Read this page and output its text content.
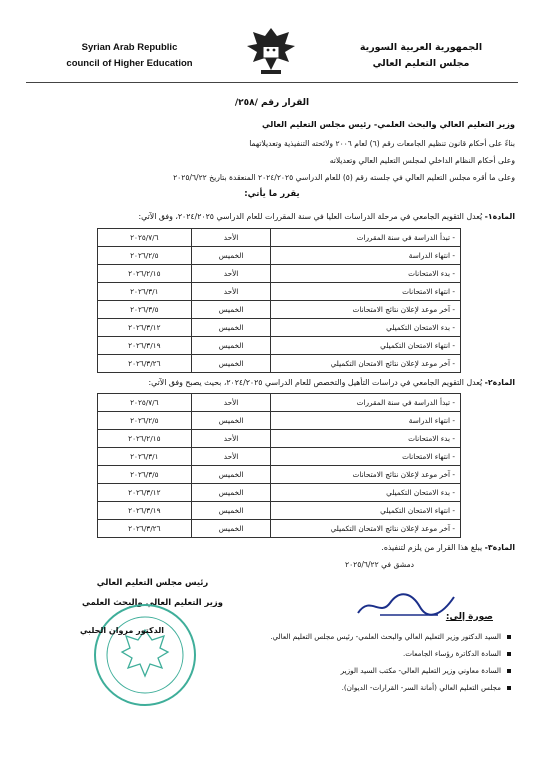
Syrian Arab Republic
council of Higher Education
الجمهورية العربية السورية
مجلس التعليم العالي
القرار رقم /٢٥٨/
وزير التعليم العالي والبحث العلمي- رئيس مجلس التعليم العالي
بناءً على أحكام قانون تنظيم الجامعات رقم (٦) لعام ٢٠٠٦ ولائحته التنفيذية وتعديلاتهما
وعلى أحكام النظام الداخلي لمجلس التعليم العالي وتعديلاته
وعلى ما أقره مجلس التعليم العالي في جلسته رقم (٥) للعام الدراسي ٢٠٢٤/٢٠٢٥ المنعقدة بتاريخ ٢٠٢٥/٦/٢٢
يقرر ما يأتي:
المادة١- يُعدل التقويم الجامعي في مرحلة الدراسات العليا في سنة المقررات للعام الدراسي ٢٠٢٤/٢٠٢٥، وفق الآتي:
- تبدأ الدراسة في سنة المقررات	الأحد	٢٠٢٥/٧/٦
- انتهاء الدراسة	الخميس	٢٠٢٦/٢/٥
- بدء الامتحانات	الأحد	٢٠٢٦/٢/١٥
- انتهاء الامتحانات	الأحد	٢٠٢٦/٣/١
- آخر موعد لإعلان نتائج الامتحانات	الخميس	٢٠٢٦/٣/٥
- بدء الامتحان التكميلي	الخميس	٢٠٢٦/٣/١٢
- انتهاء الامتحان التكميلي	الخميس	٢٠٢٦/٣/١٩
- آخر موعد لإعلان نتائج الامتحان التكميلي	الخميس	٢٠٢٦/٣/٢٦
المادة٢- يُعدل التقويم الجامعي في دراسات التأهيل والتخصص للعام الدراسي ٢٠٢٤/٢٠٢٥، بحيث يصبح وفق الآتي:
- تبدأ الدراسة في سنة المقررات	الأحد	٢٠٢٥/٧/٦
- انتهاء الدراسة	الخميس	٢٠٢٦/٢/٥
- بدء الامتحانات	الأحد	٢٠٢٦/٢/١٥
- انتهاء الامتحانات	الأحد	٢٠٢٦/٣/١
- آخر موعد لإعلان نتائج الامتحانات	الخميس	٢٠٢٦/٣/٥
- بدء الامتحان التكميلي	الخميس	٢٠٢٦/٣/١٢
- انتهاء الامتحان التكميلي	الخميس	٢٠٢٦/٣/١٩
- آخر موعد لإعلان نتائج الامتحان التكميلي	الخميس	٢٠٢٦/٣/٢٦
المادة٣- يبلغ هذا القرار من يلزم لتنفيذه.
دمشق في ٢٠٢٥/٦/٢٢
رئيس مجلس التعليم العالي
وزير التعليم العالي والبحث العلمي
الدكتور مروان الحلبي
صورة إلى:
السيد الدكتور وزير التعليم العالي والبحث العلمي- رئيس مجلس التعليم العالي.
السادة الدكاترة رؤساء الجامعات.
السادة معاوني وزير التعليم العالي- مكتب السيد الوزير
مجلس التعليم العالي (أمانة السر- القرارات- الديوان).
